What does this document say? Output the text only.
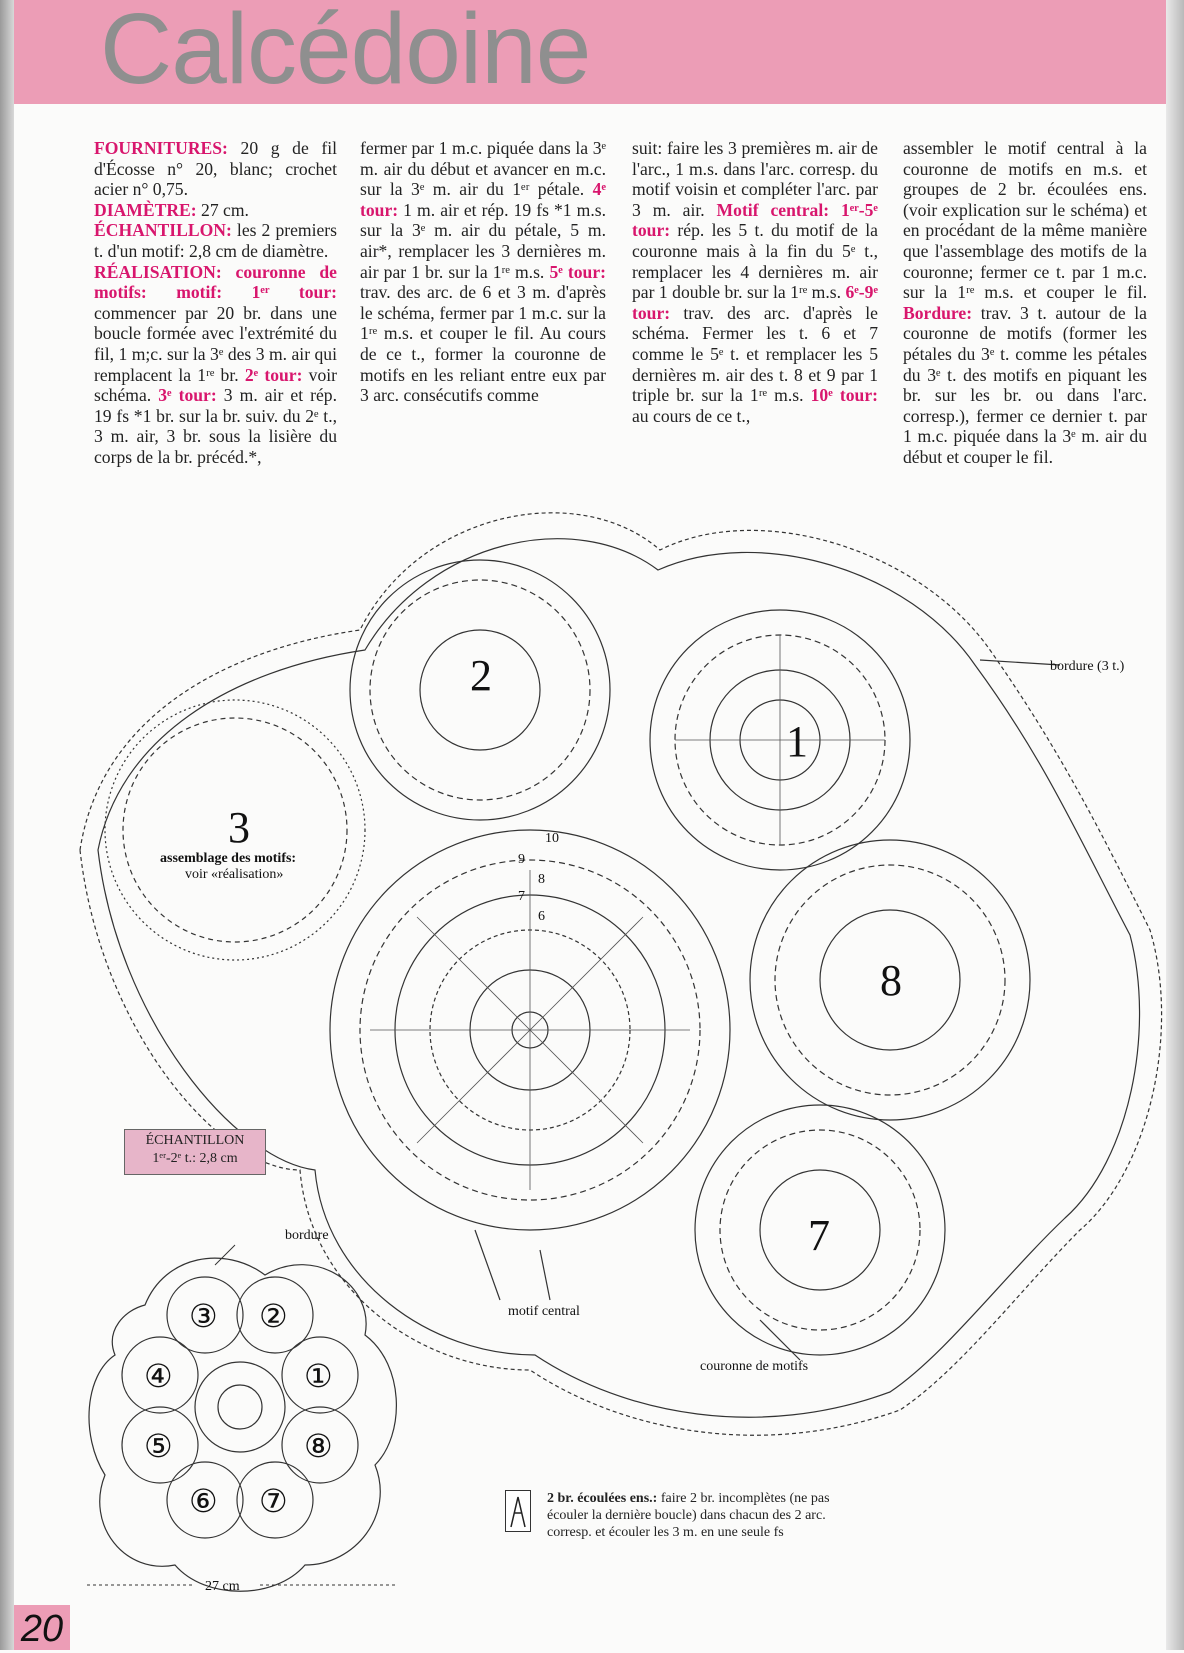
Calcédoine

FOURNITURES: 20 g de fil d'Écosse n° 20, blanc; crochet acier n° 0,75.
DIAMÈTRE: 27 cm.
ÉCHANTILLON: les 2 premiers t. d'un motif: 2,8 cm de diamètre.
RÉALISATION: couronne de motifs: motif: 1ᵉʳ tour: commencer par 20 br. dans une boucle formée avec l'extrémité du fil, 1 m;c. sur la 3ᵉ des 3 m. air qui remplacent la 1ʳᵉ br. 2ᵉ tour: voir schéma. 3ᵉ tour: 3 m. air et rép. 19 fs *1 br. sur la br. suiv. du 2ᵉ t., 3 m. air, 3 br. sous la lisière du corps de la br. précéd.*,

fermer par 1 m.c. piquée dans la 3ᵉ m. air du début et avancer en m.c. sur la 3ᵉ m. air du 1ᵉʳ pétale. 4ᵉ tour: 1 m. air et rép. 19 fs *1 m.s. sur la 3ᵉ m. air du pétale, 5 m. air*, remplacer les 3 dernières m. air par 1 br. sur la 1ʳᵉ m.s. 5ᵉ tour: trav. des arc. de 6 et 3 m. d'après le schéma, fermer par 1 m.c. sur la 1ʳᵉ m.s. et couper le fil. Au cours de ce t., former la couronne de motifs en les reliant entre eux par 3 arc. consécutifs comme

suit: faire les 3 premières m. air de l'arc., 1 m.s. dans l'arc. corresp. du motif voisin et compléter l'arc. par 3 m. air. Motif central: 1ᵉʳ-5ᵉ tour: rép. les 5 t. du motif de la couronne mais à la fin du 5ᵉ t., remplacer les 4 dernières m. air par 1 double br. sur la 1ʳᵉ m.s. 6ᵉ-9ᵉ tour: trav. des arc. d'après le schéma. Fermer les t. 6 et 7 comme le 5ᵉ t. et remplacer les 5 dernières m. air des t. 8 et 9 par 1 triple br. sur la 1ʳᵉ m.s. 10ᵉ tour: au cours de ce t.,

assembler le motif central à la couronne de motifs en m.s. et groupes de 2 br. écoulées ens. (voir explication sur le schéma) et en procédant de la même manière que l'assemblage des motifs de la couronne; fermer ce t. par 1 m.c. sur la 1ʳᵉ m.s. et couper le fil. Bordure: trav. 3 t. autour de la couronne de motifs (former les pétales du 3ᵉ t. comme les pétales du 3ᵉ t. des motifs en piquant les br. sur les br. ou dans l'arc. corresp.), fermer ce dernier t. par 1 m.c. piquée dans la 3ᵉ m. air du début et couper le fil.

2
1
3
8
7
10
9
8
7
6
bordure (3 t.)
assemblage des motifs:
voir «réalisation»
motif central
couronne de motifs
ÉCHANTILLON
1ᵉʳ-2ᵉ t.: 2,8 cm
bordure
③ ②
④	①
⑤	⑧
⑥ ⑦
27 cm
2 br. écoulées ens.: faire 2 br. incomplètes (ne pas écouler la dernière boucle) dans chacun des 2 arc. corresp. et écouler les 3 m. en une seule fs
20
